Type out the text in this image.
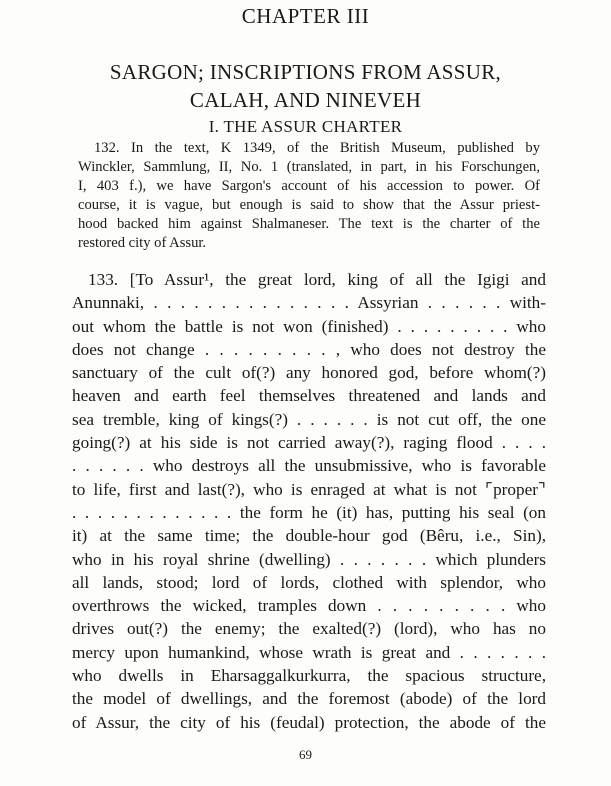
CHAPTER III
SARGON; INSCRIPTIONS FROM ASSUR,
CALAH, AND NINEVEH
I. THE ASSUR CHARTER
132. In the text, K 1349, of the British Museum, published by
Winckler, Sammlung, II, No. 1 (translated, in part, in his Forschungen,
I, 403 f.), we have Sargon's account of his accession to power. Of
course, it is vague, but enough is said to show that the Assur priest-
hood backed him against Shalmaneser. The text is the charter of the
restored city of Assur.
133. [To Assur¹, the great lord, king of all the Igigi and
Anunnaki, . . . . . . . . . . . . . . . Assyrian . . . . . . with-
out whom the battle is not won (finished) . . . . . . . . . who
does not change . . . . . . . . . , who does not destroy the
sanctuary of the cult of(?) any honored god, before whom(?)
heaven and earth feel themselves threatened and lands and
sea tremble, king of kings(?) . . . . . . is not cut off, the one
going(?) at his side is not carried away(?), raging flood . . . .
. . . . . . who destroys all the unsubmissive, who is favorable
to life, first and last(?), who is enraged at what is not ⌜proper⌝
. . . . . . . . . . . . . the form he (it) has, putting his seal (on
it) at the same time; the double-hour god (Bêru, i.e., Sin),
who in his royal shrine (dwelling) . . . . . . . which plunders
all lands, stood; lord of lords, clothed with splendor, who
overthrows the wicked, tramples down . . . . . . . . . who
drives out(?) the enemy; the exalted(?) (lord), who has no
mercy upon humankind, whose wrath is great and . . . . . . .
who dwells in Eharsaggalkurkurra, the spacious structure,
the model of dwellings, and the foremost (abode) of the lord
of Assur, the city of his (feudal) protection, the abode of the
69
